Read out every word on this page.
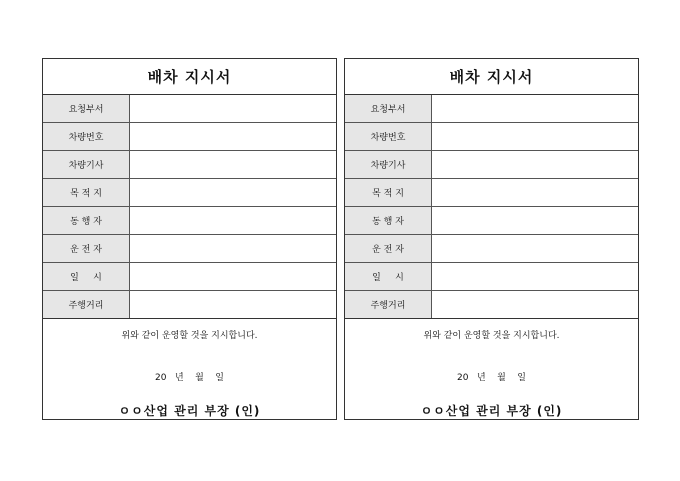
배차 지시서
요청부서
차량번호
차량기사
목 적 지
동 행 자
운 전 자
일     시
주행거리
위와 같이 운영할 것을 지시합니다.
20   년    월    일
ㅇㅇ산업 관리 부장 (인)
배차 지시서
요청부서
차량번호
차량기사
목 적 지
동 행 자
운 전 자
일     시
주행거리
위와 같이 운영할 것을 지시합니다.
20   년    월    일
ㅇㅇ산업 관리 부장 (인)
